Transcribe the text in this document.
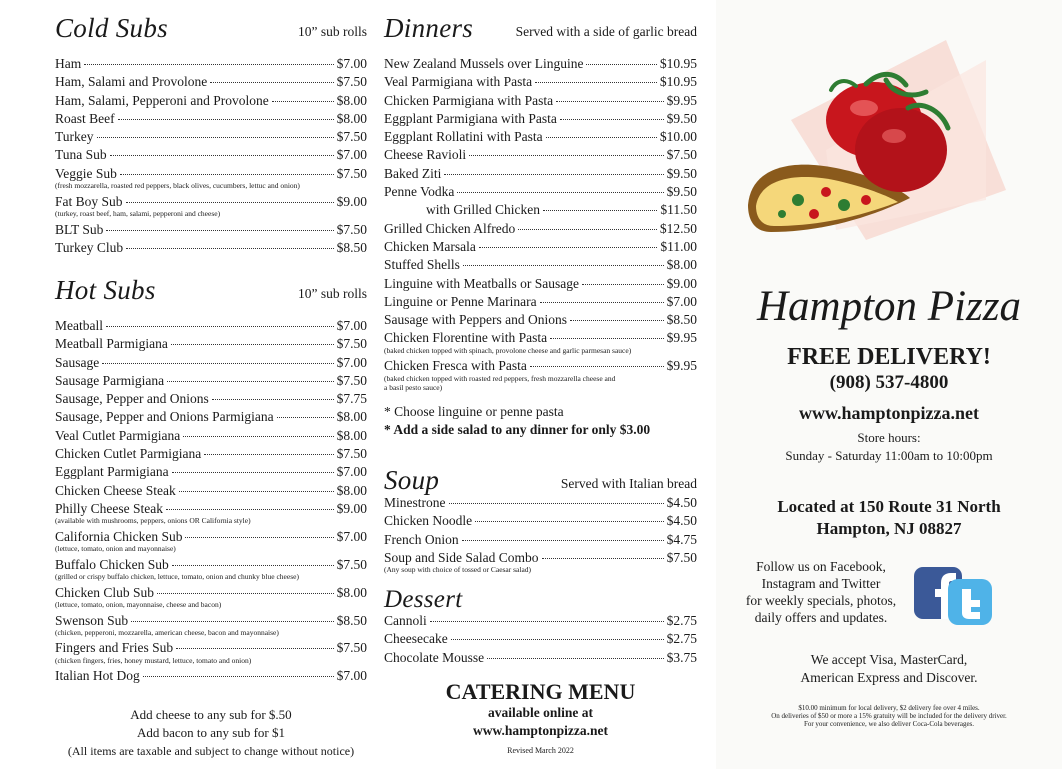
Cold Subs	10” sub rolls
Ham	$7.00
Ham, Salami and Provolone	$7.50
Ham, Salami, Pepperoni and Provolone	$8.00
Roast Beef	$8.00
Turkey	$7.50
Tuna Sub	$7.00
Veggie Sub	$7.50
(fresh mozzarella, roasted red peppers, black olives, cucumbers, lettuc and onion)
Fat Boy Sub	$9.00
(turkey, roast beef, ham, salami, pepperoni and cheese)
BLT Sub	$7.50
Turkey Club	$8.50
Hot Subs	10” sub rolls
Meatball	$7.00
Meatball Parmigiana	$7.50
Sausage	$7.00
Sausage Parmigiana	$7.50
Sausage, Pepper and Onions	$7.75
Sausage, Pepper and Onions Parmigiana	$8.00
Veal Cutlet Parmigiana	$8.00
Chicken Cutlet Parmigiana	$7.50
Eggplant Parmigiana	$7.00
Chicken Cheese Steak	$8.00
Philly Cheese Steak	$9.00
(available with mushrooms, peppers, onions OR California style)
California Chicken Sub	$7.00
(lettuce, tomato, onion and mayonnaise)
Buffalo Chicken Sub	$7.50
(grilled or crispy buffalo chicken, lettuce, tomato, onion and chunky blue cheese)
Chicken Club Sub	$8.00
(lettuce, tomato, onion, mayonnaise, cheese and bacon)
Swenson Sub	$8.50
(chicken, pepperoni, mozzarella, american cheese, bacon and mayonnaise)
Fingers and Fries Sub	$7.50
(chicken fingers, fries, honey mustard, lettuce, tomato and onion)
Italian Hot Dog	$7.00
Add cheese to any sub for $.50
Add bacon to any sub for $1
(All items are taxable and subject to change without notice)
Dinners	Served with a side of garlic bread
New Zealand Mussels over Linguine	$10.95
Veal Parmigiana with Pasta	$10.95
Chicken Parmigiana with Pasta	$9.95
Eggplant Parmigiana with Pasta	$9.50
Eggplant Rollatini with Pasta	$10.00
Cheese Ravioli	$7.50
Baked Ziti	$9.50
Penne Vodka	$9.50
with Grilled Chicken	$11.50
Grilled Chicken Alfredo	$12.50
Chicken Marsala	$11.00
Stuffed Shells	$8.00
Linguine with Meatballs or Sausage	$9.00
Linguine or Penne Marinara	$7.00
Sausage with Peppers and Onions	$8.50
Chicken Florentine with Pasta	$9.95
(baked chicken topped with spinach, provolone cheese and garlic parmesan sauce)
Chicken Fresca with Pasta	$9.95
(baked chicken topped with roasted red peppers, fresh mozzarella cheese and
a basil pesto sauce)
* Choose linguine or penne pasta
* Add a side salad to any dinner for only $3.00
Soup	Served with Italian bread
Minestrone	$4.50
Chicken Noodle	$4.50
French Onion	$4.75
Soup and Side Salad Combo	$7.50
(Any soup with choice of tossed or Caesar salad)
Dessert
Cannoli	$2.75
Cheesecake	$2.75
Chocolate Mousse	$3.75
CATERING MENU
available online at
www.hamptonpizza.net
Revised March 2022
Hampton Pizza
FREE DELIVERY!
(908) 537-4800
www.hamptonpizza.net
Store hours:
Sunday - Saturday 11:00am to 10:00pm
Located at 150 Route 31 North
Hampton, NJ 08827
Follow us on Facebook,
Instagram and Twitter
for weekly specials, photos,
daily offers and updates.
We accept Visa, MasterCard,
American Express and Discover.
$10.00 minimum for local delivery, $2 delivery fee over 4 miles.
On deliveries of $50 or more a 15% gratuity will be included for the delivery driver.
For your convenience, we also deliver Coca-Cola beverages.
